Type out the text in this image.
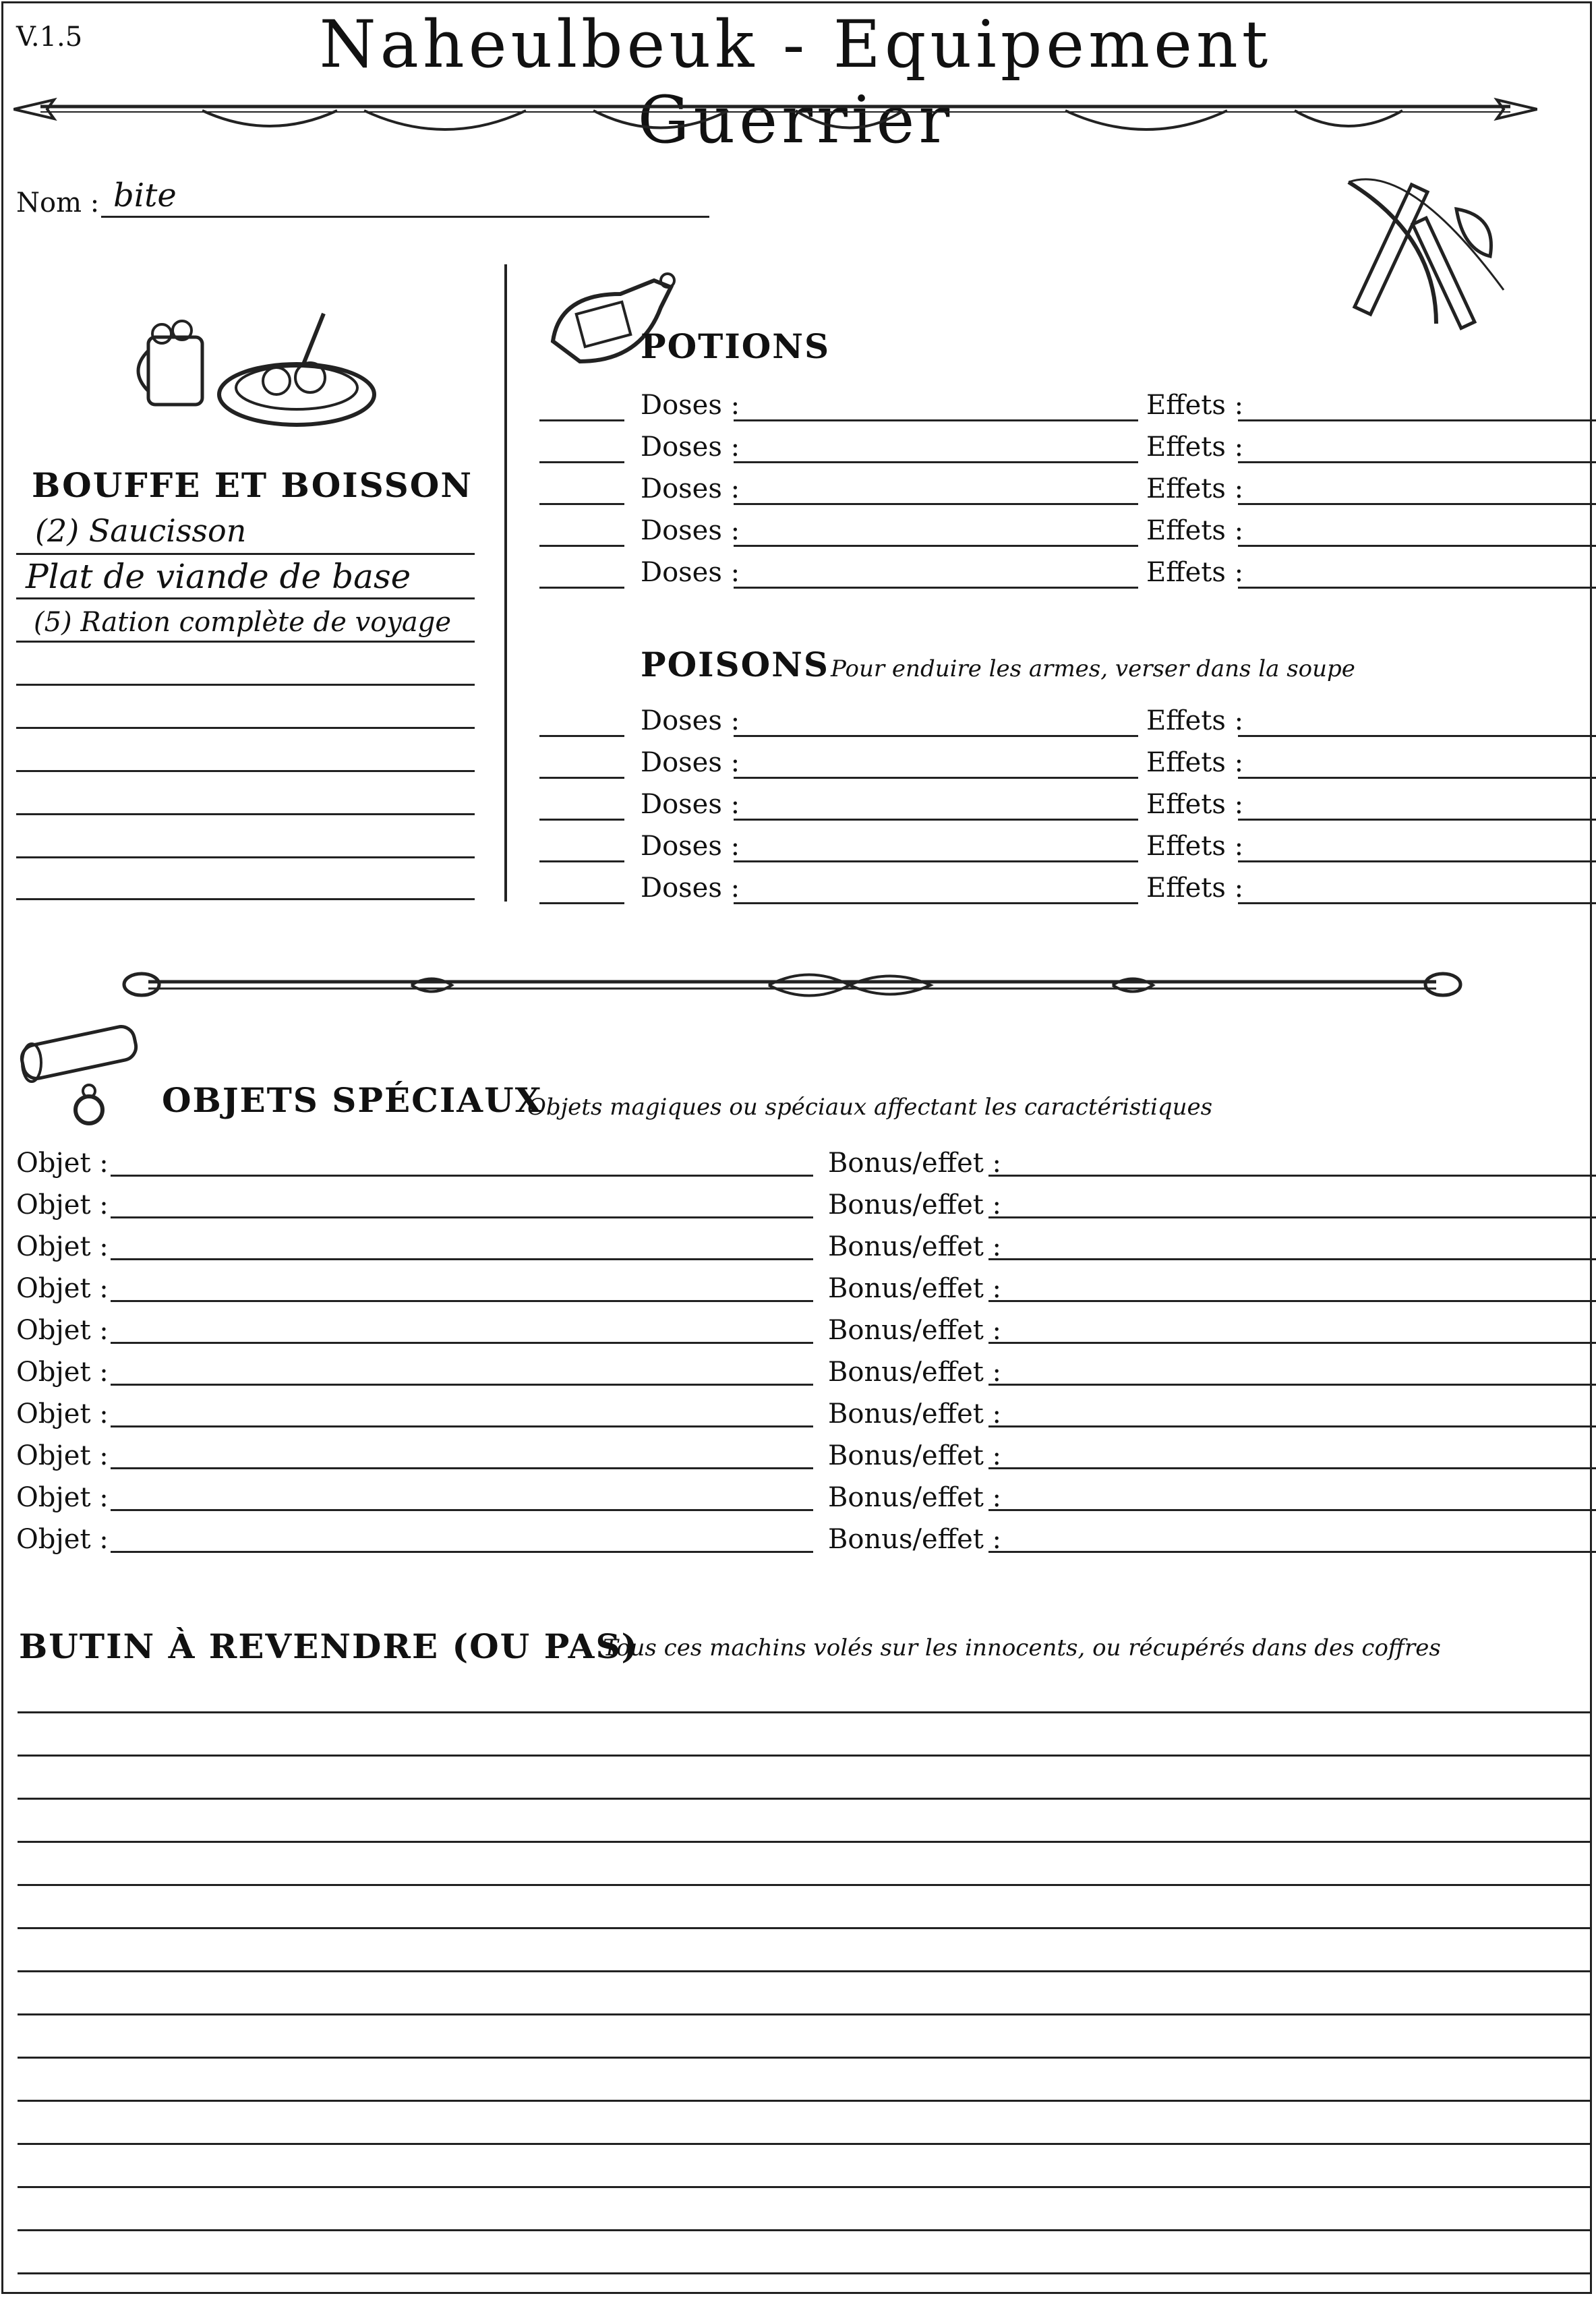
V.1.5	Naheulbeuk - Equipement Guerrier
Nom : bite
BOUFFE ET BOISSON
(2) Saucisson
Plat de viande de base
(5) Ration complète de voyage
POTIONS
Doses :	Effets :
Doses :	Effets :
Doses :	Effets :
Doses :	Effets :
Doses :	Effets :
POISONS Pour enduire les armes, verser dans la soupe
Doses :	Effets :
Doses :	Effets :
Doses :	Effets :
Doses :	Effets :
Doses :	Effets :
OBJETS SPÉCIAUX
Objets magiques ou spéciaux affectant les caractéristiques
Objet :	Bonus/effet :
Objet :	Bonus/effet :
Objet :	Bonus/effet :
Objet :	Bonus/effet :
Objet :	Bonus/effet :
Objet :	Bonus/effet :
Objet :	Bonus/effet :
Objet :	Bonus/effet :
Objet :	Bonus/effet :
Objet :	Bonus/effet :
BUTIN À REVENDRE (OU PAS)
Tous ces machins volés sur les innocents, ou récupérés dans des coffres
